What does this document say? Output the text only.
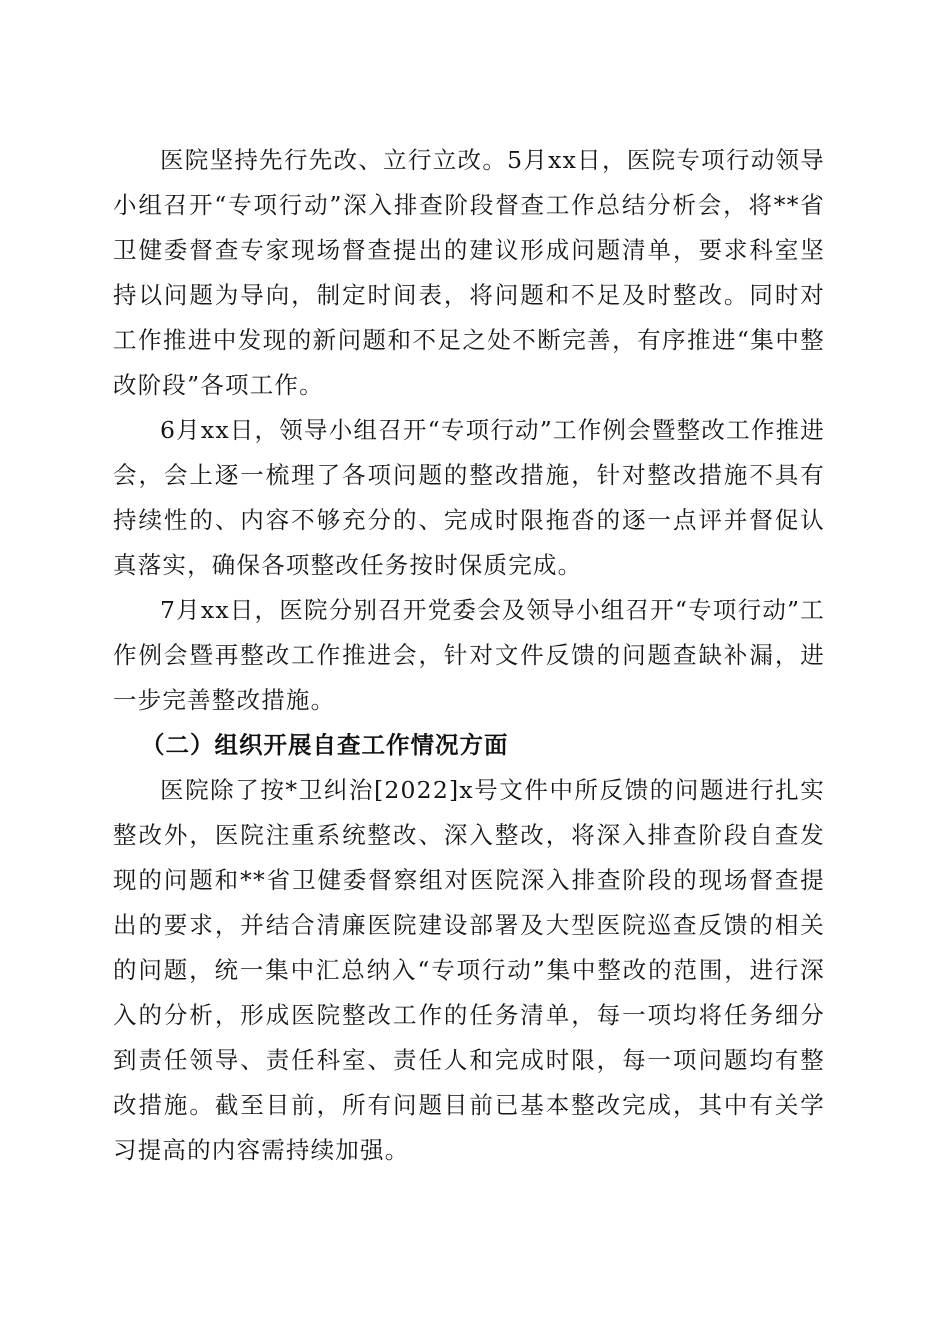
医院坚持先行先改、立行立改。5月xx日，医院专项行动领导小组召开“专项行动”深入排查阶段督查工作总结分析会，将**省卫健委督查专家现场督查提出的建议形成问题清单，要求科室坚持以问题为导向，制定时间表，将问题和不足及时整改。同时对工作推进中发现的新问题和不足之处不断完善，有序推进“集中整改阶段”各项工作。

6月xx日，领导小组召开“专项行动”工作例会暨整改工作推进会，会上逐一梳理了各项问题的整改措施，针对整改措施不具有持续性的、内容不够充分的、完成时限拖沓的逐一点评并督促认真落实，确保各项整改任务按时保质完成。

7月xx日，医院分别召开党委会及领导小组召开“专项行动”工作例会暨再整改工作推进会，针对文件反馈的问题查缺补漏，进一步完善整改措施。

（二）组织开展自查工作情况方面

医院除了按*卫纠治[2022]x号文件中所反馈的问题进行扎实整改外，医院注重系统整改、深入整改，将深入排查阶段自查发现的问题和**省卫健委督察组对医院深入排查阶段的现场督查提出的要求，并结合清廉医院建设部署及大型医院巡查反馈的相关的问题，统一集中汇总纳入“专项行动”集中整改的范围，进行深入的分析，形成医院整改工作的任务清单，每一项均将任务细分到责任领导、责任科室、责任人和完成时限，每一项问题均有整改措施。截至目前，所有问题目前已基本整改完成，其中有关学习提高的内容需持续加强。
